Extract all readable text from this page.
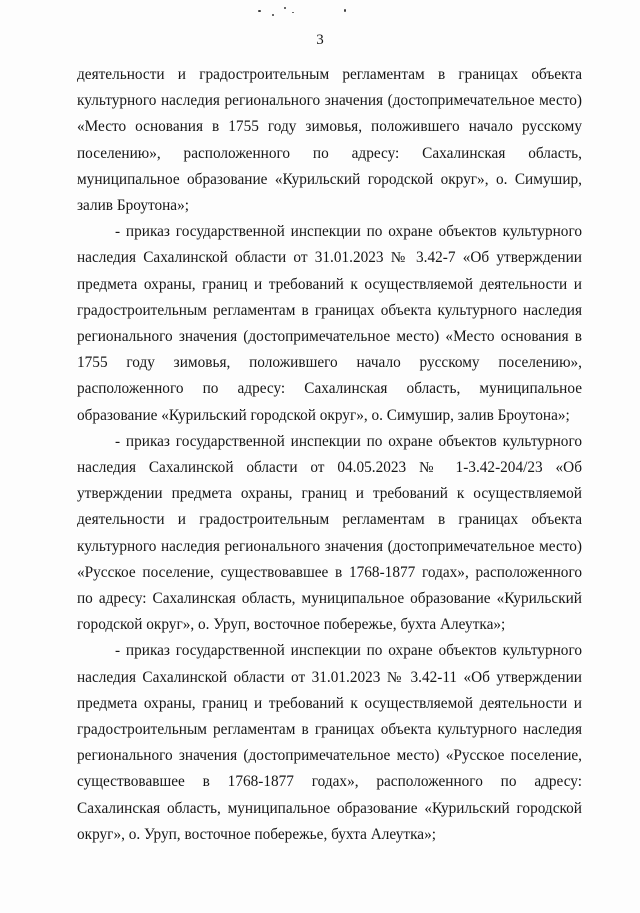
3

деятельности и градостроительным регламентам в границах объекта культурного наследия регионального значения (достопримечательное место) «Место основания в 1755 году зимовья, положившего начало русскому поселению», расположенного по адресу: Сахалинская область, муниципальное образование «Курильский городской округ», о. Симушир, залив Броутона»;

- приказ государственной инспекции по охране объектов культурного наследия Сахалинской области от 31.01.2023 № 3.42-7 «Об утверждении предмета охраны, границ и требований к осуществляемой деятельности и градостроительным регламентам в границах объекта культурного наследия регионального значения (достопримечательное место) «Место основания в 1755 году зимовья, положившего начало русскому поселению», расположенного по адресу: Сахалинская область, муниципальное образование «Курильский городской округ», о. Симушир, залив Броутона»;

- приказ государственной инспекции по охране объектов культурного наследия Сахалинской области от 04.05.2023 № 1-3.42-204/23 «Об утверждении предмета охраны, границ и требований к осуществляемой деятельности и градостроительным регламентам в границах объекта культурного наследия регионального значения (достопримечательное место) «Русское поселение, существовавшее в 1768-1877 годах», расположенного по адресу: Сахалинская область, муниципальное образование «Курильский городской округ», о. Уруп, восточное побережье, бухта Алеутка»;

- приказ государственной инспекции по охране объектов культурного наследия Сахалинской области от 31.01.2023 № 3.42-11 «Об утверждении предмета охраны, границ и требований к осуществляемой деятельности и градостроительным регламентам в границах объекта культурного наследия регионального значения (достопримечательное место) «Русское поселение, существовавшее в 1768-1877 годах», расположенного по адресу: Сахалинская область, муниципальное образование «Курильский городской округ», о. Уруп, восточное побережье, бухта Алеутка»;
